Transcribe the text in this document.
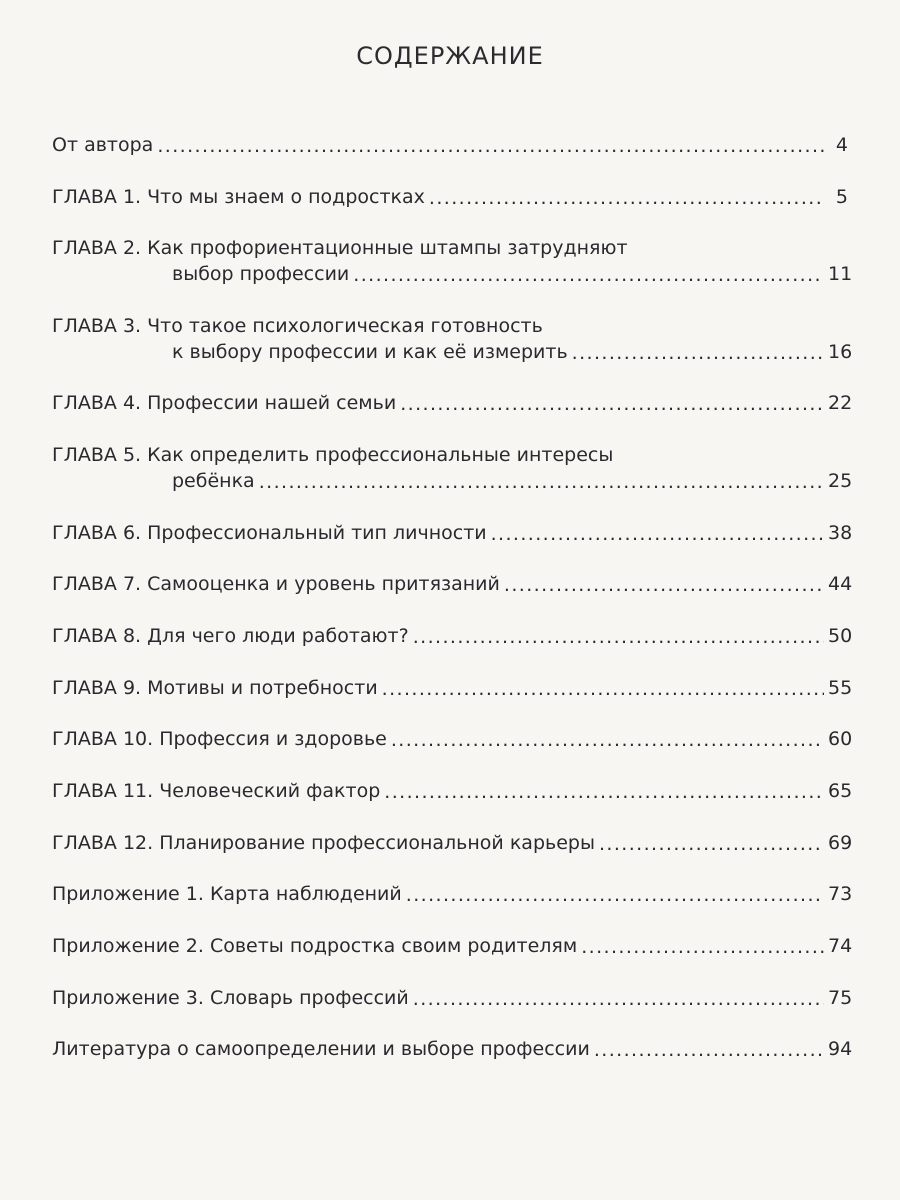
СОДЕРЖАНИЕ
От автора .....	4
ГЛАВА 1. Что мы знаем о подростках .....	5
ГЛАВА 2. Как профориентационные штампы затрудняют
выбор профессии .....	11
ГЛАВА 3. Что такое психологическая готовность
к выбору профессии и как её измерить .....	16
ГЛАВА 4. Профессии нашей семьи .....	22
ГЛАВА 5. Как определить профессиональные интересы
ребёнка .....	25
ГЛАВА 6. Профессиональный тип личности .....	38
ГЛАВА 7. Самооценка и уровень притязаний .....	44
ГЛАВА 8. Для чего люди работают? .....	50
ГЛАВА 9. Мотивы и потребности .....	55
ГЛАВА 10. Профессия и здоровье .....	60
ГЛАВА 11. Человеческий фактор .....	65
ГЛАВА 12. Планирование профессиональной карьеры .....	69
Приложение 1. Карта наблюдений .....	73
Приложение 2. Советы подростка своим родителям .....	74
Приложение 3. Словарь профессий .....	75
Литература о самоопределении и выборе профессии .....	94
